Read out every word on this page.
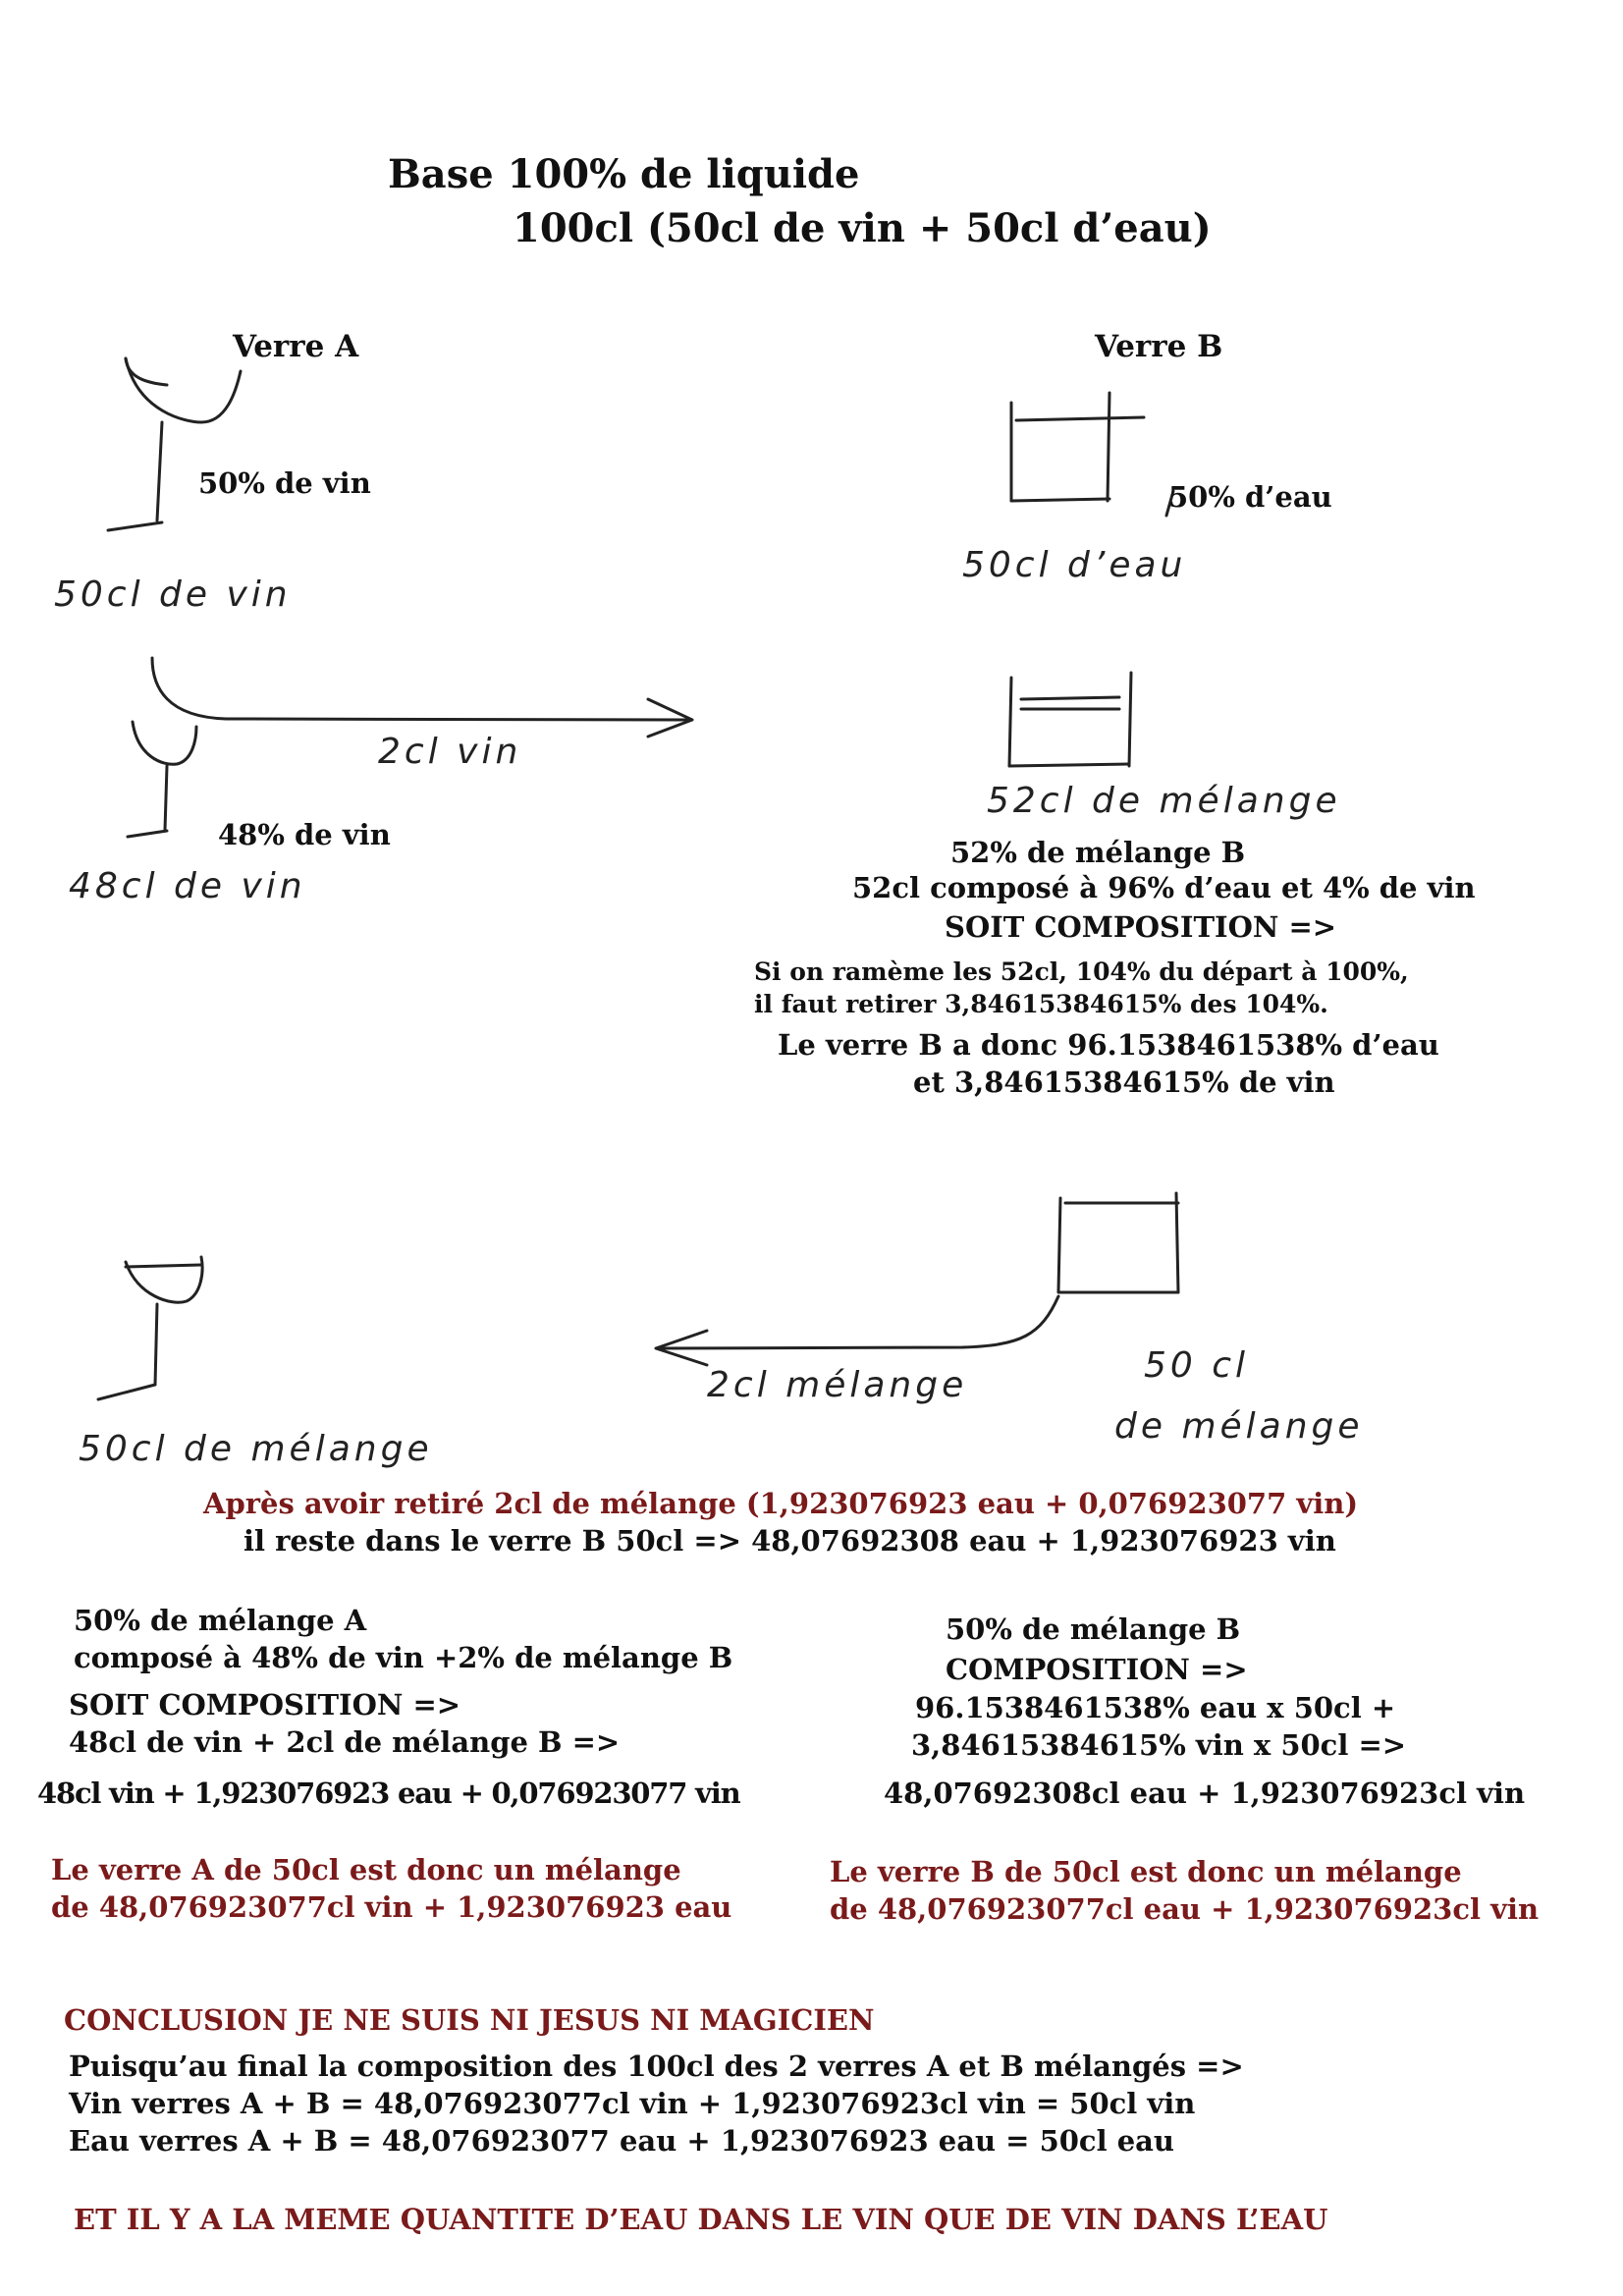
Base 100% de liquide
100cl (50cl de vin + 50cl d’eau)
Verre A
50% de vin
50cl de vin
2cl vin
48% de vin
48cl de vin
Verre B
50% d’eau
50cl d’eau
52cl de mélange
52% de mélange B
52cl composé à 96% d’eau et 4% de vin
SOIT COMPOSITION =>
Si on ramème les 52cl, 104% du départ à 100%,
il faut retirer 3,84615384615% des 104%.
Le verre B a donc 96.1538461538% d’eau
et 3,84615384615% de vin
50cl de mélange
2cl mélange	50 cl
de mélange
Après avoir retiré 2cl de mélange (1,923076923 eau + 0,076923077 vin)
il reste dans le verre B 50cl => 48,07692308 eau + 1,923076923 vin
50% de mélange A
composé à 48% de vin +2% de mélange B
SOIT COMPOSITION =>
48cl de vin + 2cl de mélange B =>
48cl vin + 1,923076923 eau + 0,076923077 vin
Le verre A de 50cl est donc un mélange
de 48,076923077cl vin + 1,923076923 eau
50% de mélange B
COMPOSITION =>
96.1538461538% eau x 50cl +
3,84615384615% vin x 50cl =>
48,07692308cl eau + 1,923076923cl vin
Le verre B de 50cl est donc un mélange
de 48,076923077cl eau + 1,923076923cl vin
CONCLUSION JE NE SUIS NI JESUS NI MAGICIEN
Puisqu’au final la composition des 100cl des 2 verres A et B mélangés =>
Vin verres A + B = 48,076923077cl vin + 1,923076923cl vin = 50cl vin
Eau verres A + B = 48,076923077 eau + 1,923076923 eau = 50cl eau
ET IL Y A LA MEME QUANTITE D’EAU DANS LE VIN QUE DE VIN DANS L’EAU
